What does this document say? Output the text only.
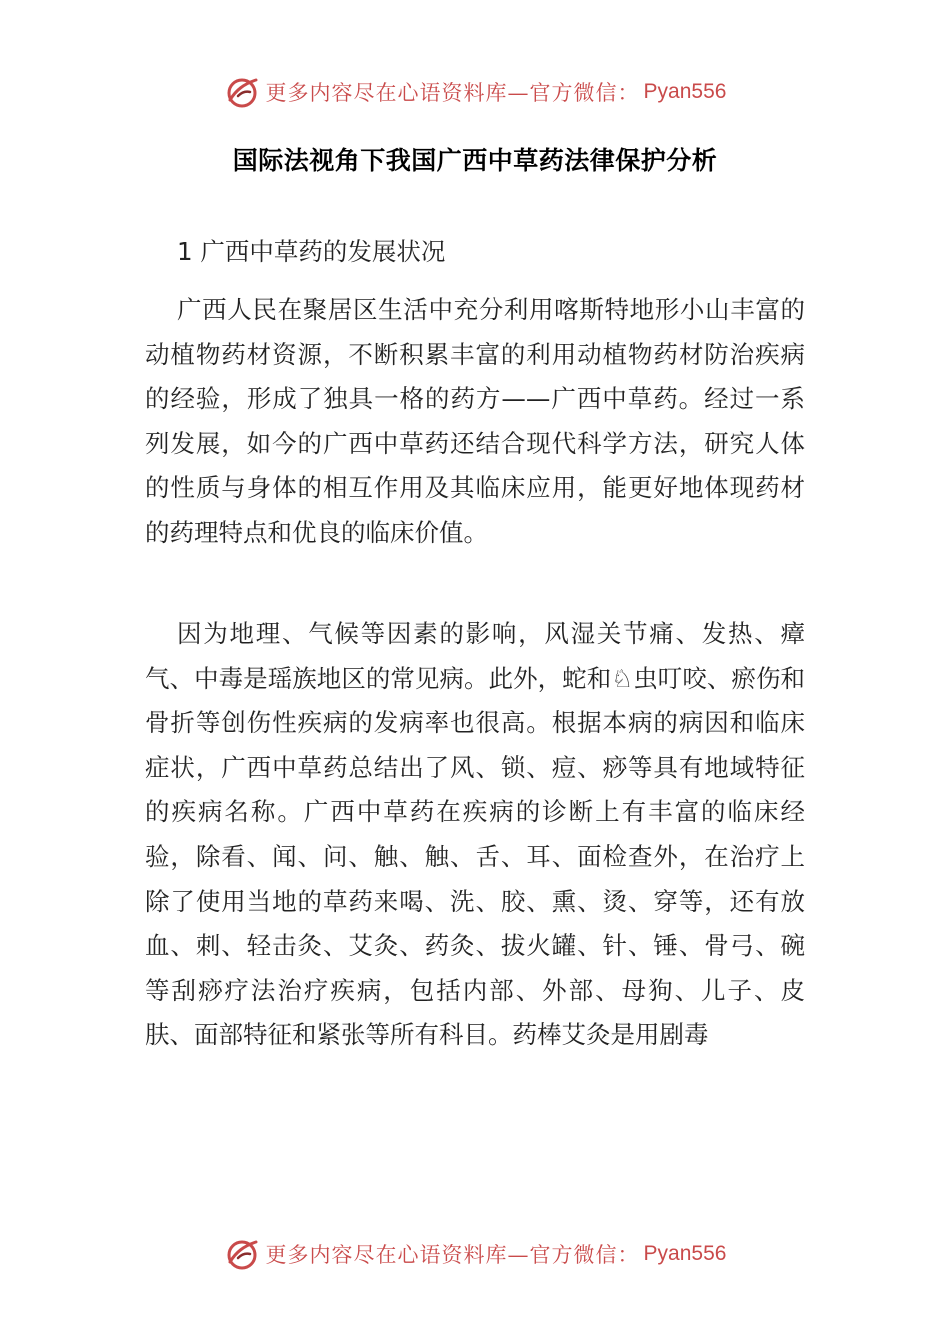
更多内容尽在心语资料库—官方微信： Pyan556
国际法视角下我国广西中草药法律保护分析
1 广西中草药的发展状况
广西人民在聚居区生活中充分利用喀斯特地形小山丰富的动植物药材资源，不断积累丰富的利用动植物药材防治疾病的经验，形成了独具一格的药方——广西中草药。经过一系列发展，如今的广西中草药还结合现代科学方法，研究人体的性质与身体的相互作用及其临床应用，能更好地体现药材的药理特点和优良的临床价值。
因为地理、气候等因素的影响，风湿关节痛、发热、瘴气、中毒是瑶族地区的常见病。此外，蛇和♘虫叮咬、瘀伤和骨折等创伤性疾病的发病率也很高。根据本病的病因和临床症状，广西中草药总结出了风、锁、痘、痧等具有地域特征的疾病名称。广西中草药在疾病的诊断上有丰富的临床经验，除看、闻、问、触、触、舌、耳、面检查外，在治疗上除了使用当地的草药来喝、洗、胶、熏、烫、穿等，还有放血、刺、轻击灸、艾灸、药灸、拔火罐、针、锤、骨弓、碗等刮痧疗法治疗疾病，包括内部、外部、母狗、儿子、皮肤、面部特征和紧张等所有科目。药棒艾灸是用剧毒
更多内容尽在心语资料库—官方微信： Pyan556
